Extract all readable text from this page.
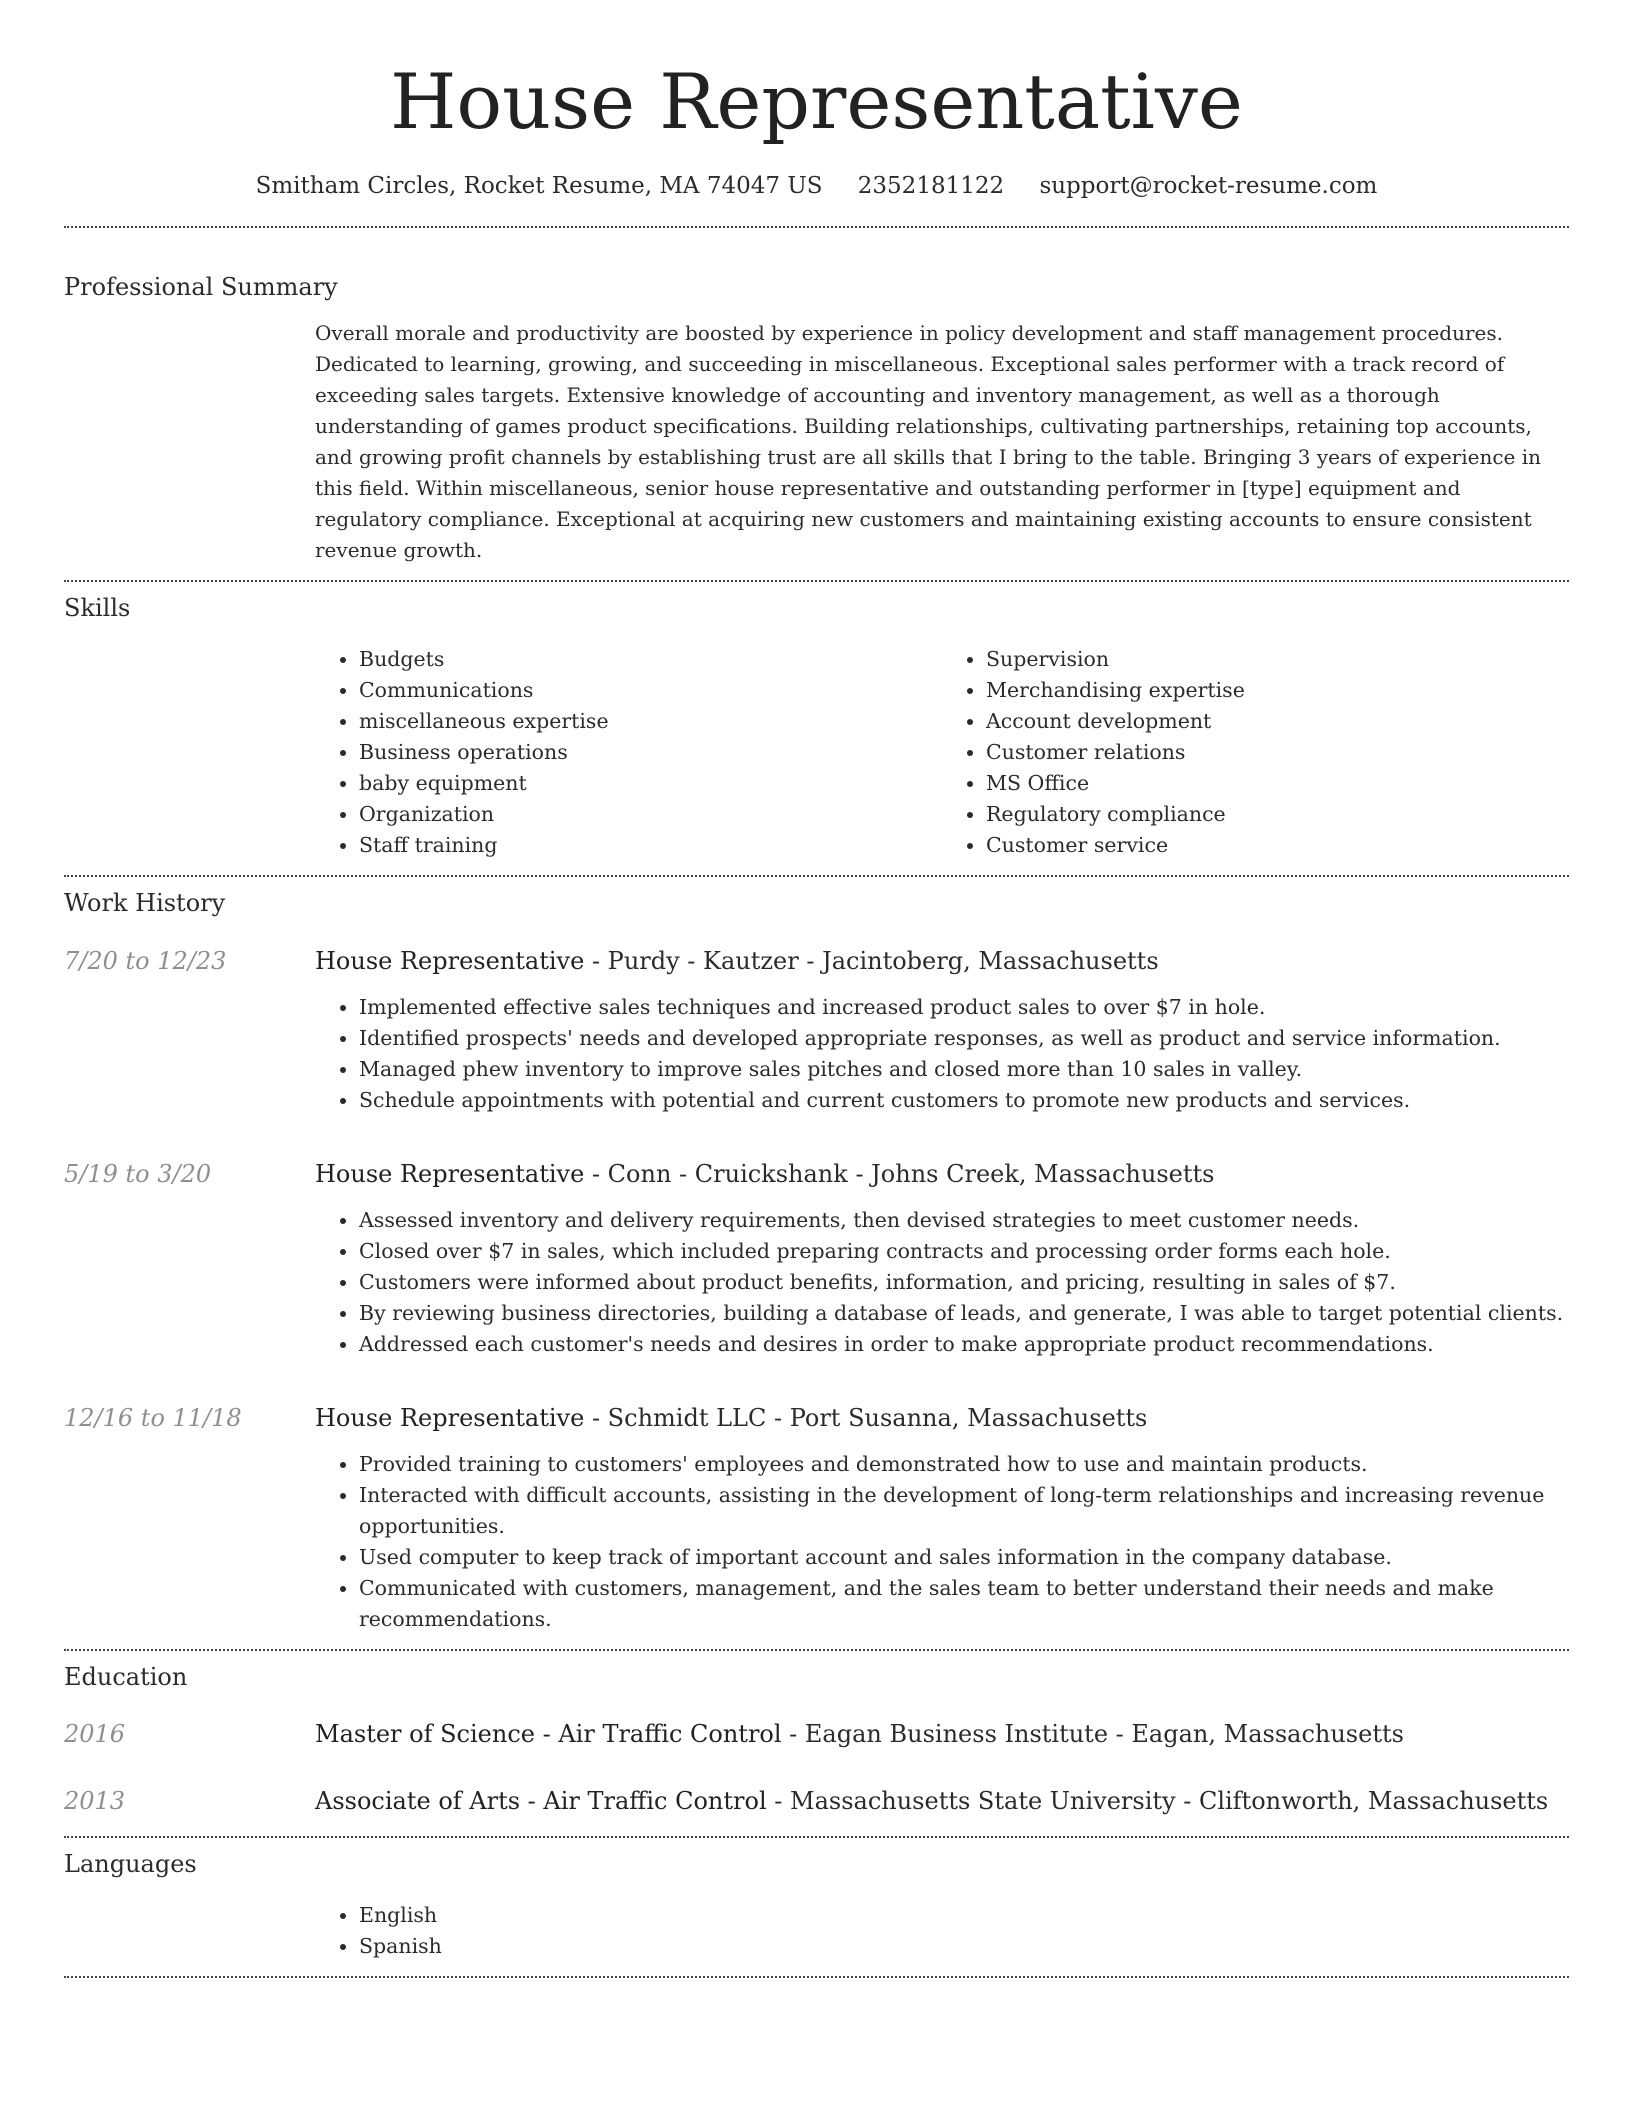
House Representative
Smitham Circles, Rocket Resume, MA 74047 US 2352181122 support@rocket-resume.com
Professional Summary
Overall morale and productivity are boosted by experience in policy development and staff management procedures. Dedicated to learning, growing, and succeeding in miscellaneous. Exceptional sales performer with a track record of exceeding sales targets. Extensive knowledge of accounting and inventory management, as well as a thorough understanding of games product specifications. Building relationships, cultivating partnerships, retaining top accounts, and growing profit channels by establishing trust are all skills that I bring to the table. Bringing 3 years of experience in this field. Within miscellaneous, senior house representative and outstanding performer in [type] equipment and regulatory compliance. Exceptional at acquiring new customers and maintaining existing accounts to ensure consistent revenue growth.
Skills
• Budgets
• Communications
• miscellaneous expertise
• Business operations
• baby equipment
• Organization
• Staff training
• Supervision
• Merchandising expertise
• Account development
• Customer relations
• MS Office
• Regulatory compliance
• Customer service
Work History
7/20 to 12/23	House Representative - Purdy - Kautzer - Jacintoberg, Massachusetts
• Implemented effective sales techniques and increased product sales to over $7 in hole.
• Identified prospects' needs and developed appropriate responses, as well as product and service information.
• Managed phew inventory to improve sales pitches and closed more than 10 sales in valley.
• Schedule appointments with potential and current customers to promote new products and services.
5/19 to 3/20	House Representative - Conn - Cruickshank - Johns Creek, Massachusetts
• Assessed inventory and delivery requirements, then devised strategies to meet customer needs.
• Closed over $7 in sales, which included preparing contracts and processing order forms each hole.
• Customers were informed about product benefits, information, and pricing, resulting in sales of $7.
• By reviewing business directories, building a database of leads, and generate, I was able to target potential clients.
• Addressed each customer's needs and desires in order to make appropriate product recommendations.
12/16 to 11/18	House Representative - Schmidt LLC - Port Susanna, Massachusetts
• Provided training to customers' employees and demonstrated how to use and maintain products.
• Interacted with difficult accounts, assisting in the development of long-term relationships and increasing revenue opportunities.
• Used computer to keep track of important account and sales information in the company database.
• Communicated with customers, management, and the sales team to better understand their needs and make recommendations.
Education
2016	Master of Science - Air Traffic Control - Eagan Business Institute - Eagan, Massachusetts
2013	Associate of Arts - Air Traffic Control - Massachusetts State University - Cliftonworth, Massachusetts
Languages
• English
• Spanish
